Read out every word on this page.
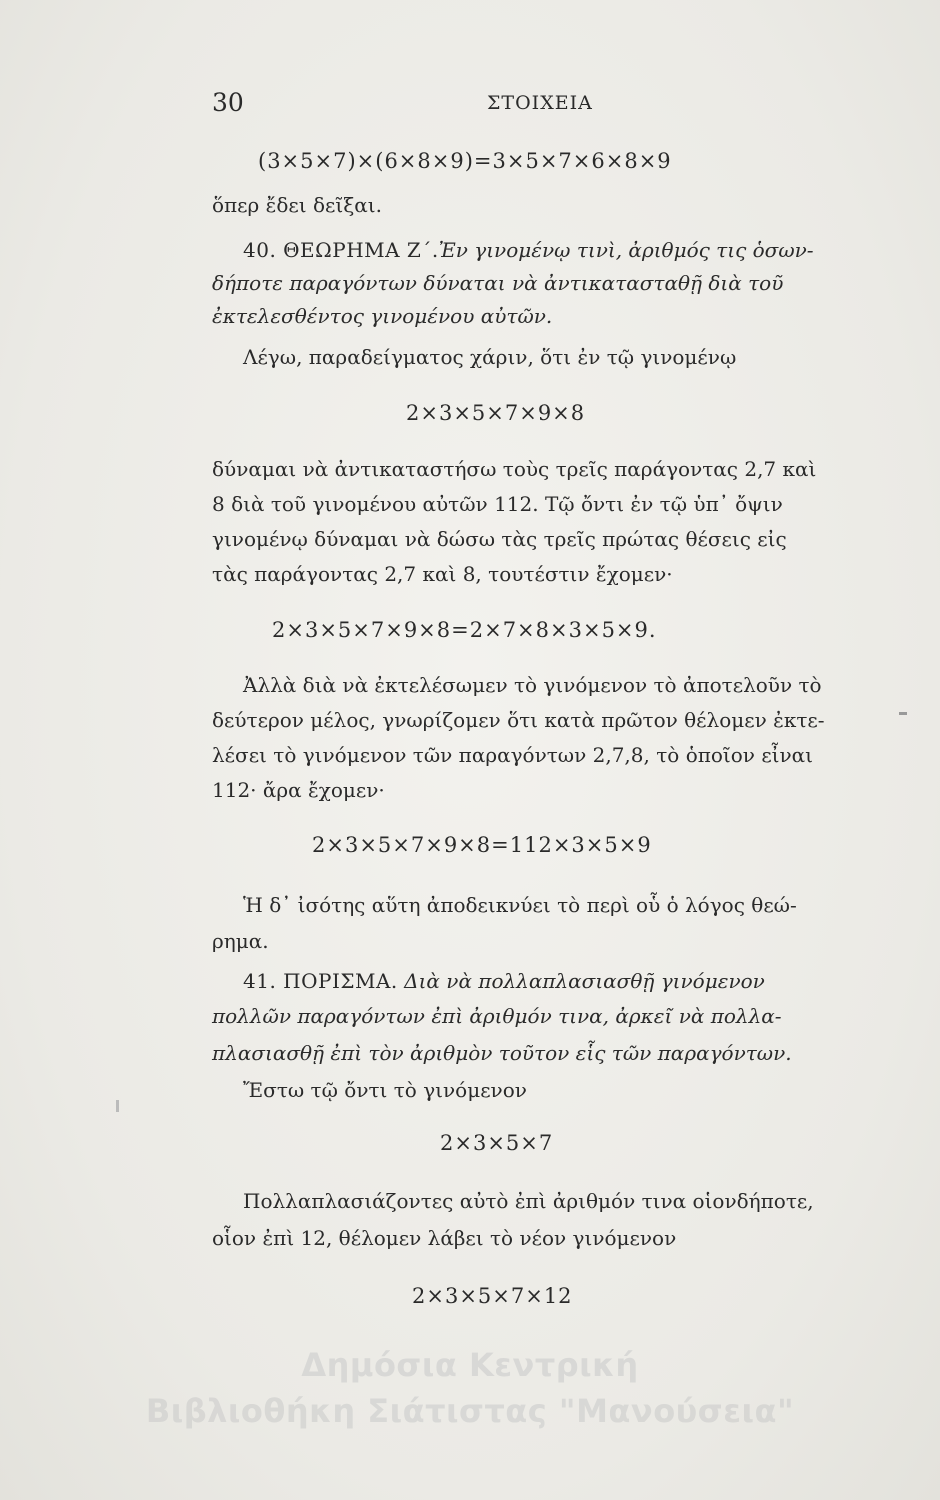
30	ΣΤΟΙΧΕΙΑ
(3×5×7)×(6×8×9)=3×5×7×6×8×9
ὅπερ ἔδει δεῖξαι.
40. ΘΕΩΡΗΜΑ Ζ΄.Ἐν γινομένῳ τινὶ, ἀριθμός τις ὁσων-
δήποτε παραγόντων δύναται νὰ ἀντικατασταθῇ διὰ τοῦ
ἐκτελεσθέντος γινομένου αὐτῶν.
Λέγω, παραδείγματος χάριν, ὅτι ἐν τῷ γινομένῳ
2×3×5×7×9×8
δύναμαι νὰ ἀντικαταστήσω τοὺς τρεῖς παράγοντας 2,7 καὶ
8 διὰ τοῦ γινομένου αὐτῶν 112. Τῷ ὄντι ἐν τῷ ὑπ᾽ ὄψιν
γινομένῳ δύναμαι νὰ δώσω τὰς τρεῖς πρώτας θέσεις εἰς
τὰς παράγοντας 2,7 καὶ 8, τουτέστιν ἔχομεν·
2×3×5×7×9×8=2×7×8×3×5×9.
Ἀλλὰ διὰ νὰ ἐκτελέσωμεν τὸ γινόμενον τὸ ἀποτελοῦν τὸ
δεύτερον μέλος, γνωρίζομεν ὅτι κατὰ πρῶτον θέλομεν ἐκτε-
λέσει τὸ γινόμενον τῶν παραγόντων 2,7,8, τὸ ὁποῖον εἶναι
112· ἄρα ἔχομεν·
2×3×5×7×9×8=112×3×5×9
Ἡ δ᾽ ἰσότης αὕτη ἀποδεικνύει τὸ περὶ οὗ ὁ λόγος θεώ-
ρημα.
41. ΠΟΡΙΣΜΑ. Διὰ νὰ πολλαπλασιασθῇ γινόμενον
πολλῶν παραγόντων ἐπὶ ἀριθμόν τινα, ἀρκεῖ νὰ πολλα-
πλασιασθῇ ἐπὶ τὸν ἀριθμὸν τοῦτον εἷς τῶν παραγόντων.
Ἔστω τῷ ὄντι τὸ γινόμενον
2×3×5×7
Πολλαπλασιάζοντες αὐτὸ ἐπὶ ἀριθμόν τινα οἱονδήποτε,
οἷον ἐπὶ 12, θέλομεν λάβει τὸ νέον γινόμενον
2×3×5×7×12
Δημόσια Κεντρική
Βιβλιοθήκη Σιάτιστας "Μανούσεια"
